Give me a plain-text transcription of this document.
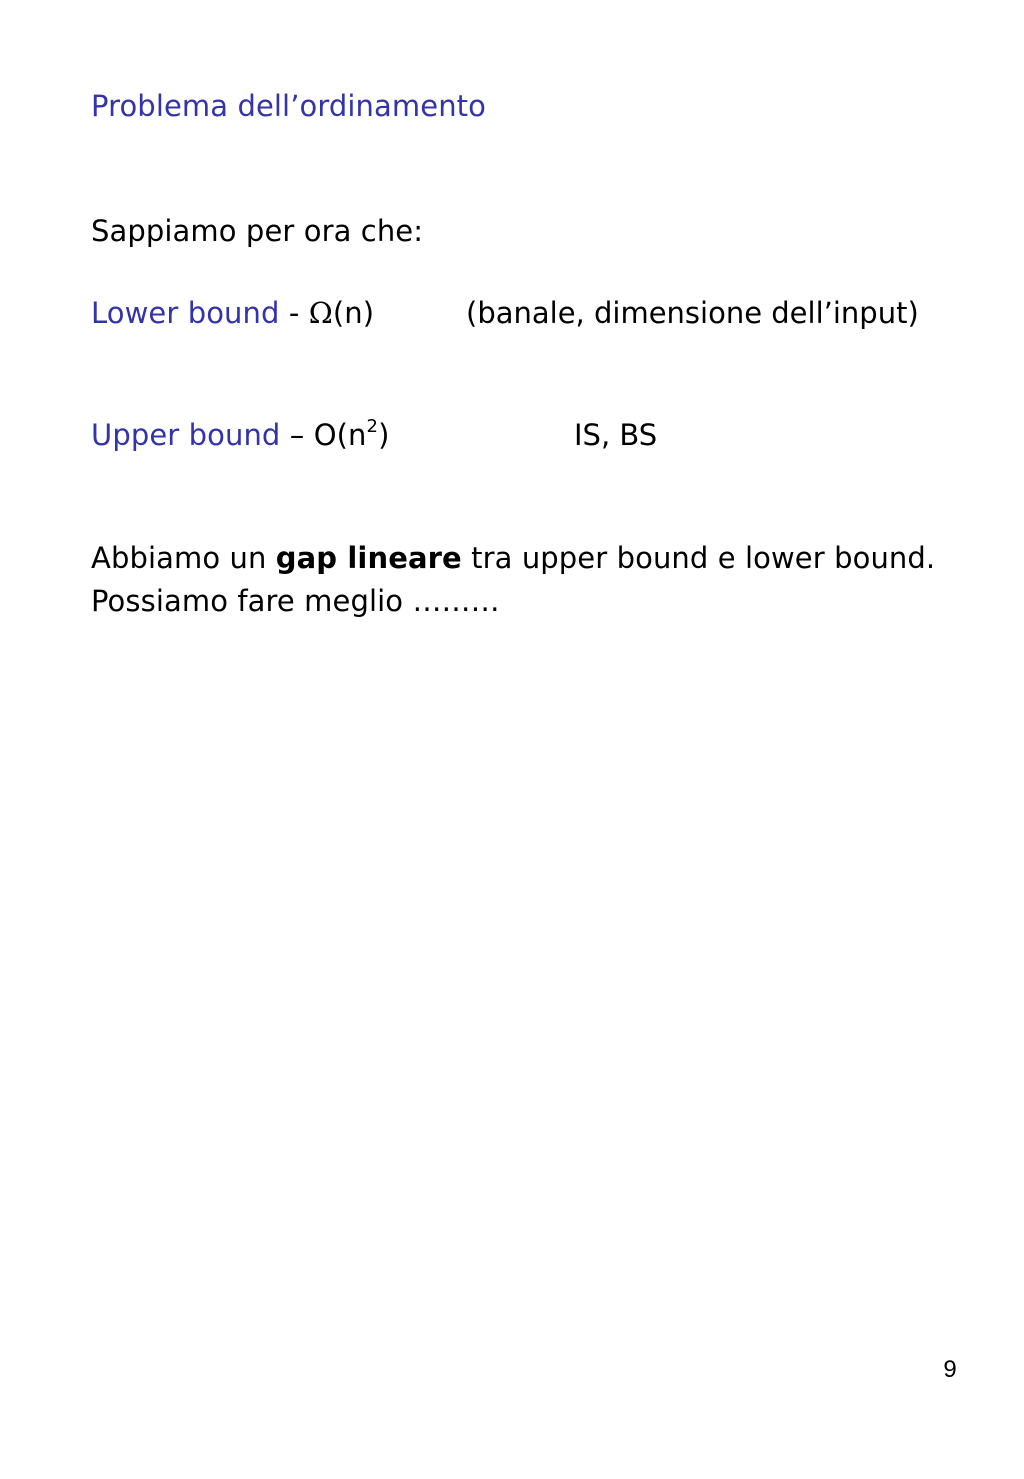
Problema dell’ordinamento
Sappiamo per ora che:
Lower bound - Ω(n)	(banale, dimensione dell’input)
Upper bound – $O(n^2)$	IS, BS
Abbiamo un gap lineare tra upper bound e lower bound.
Possiamo fare meglio ………
9
